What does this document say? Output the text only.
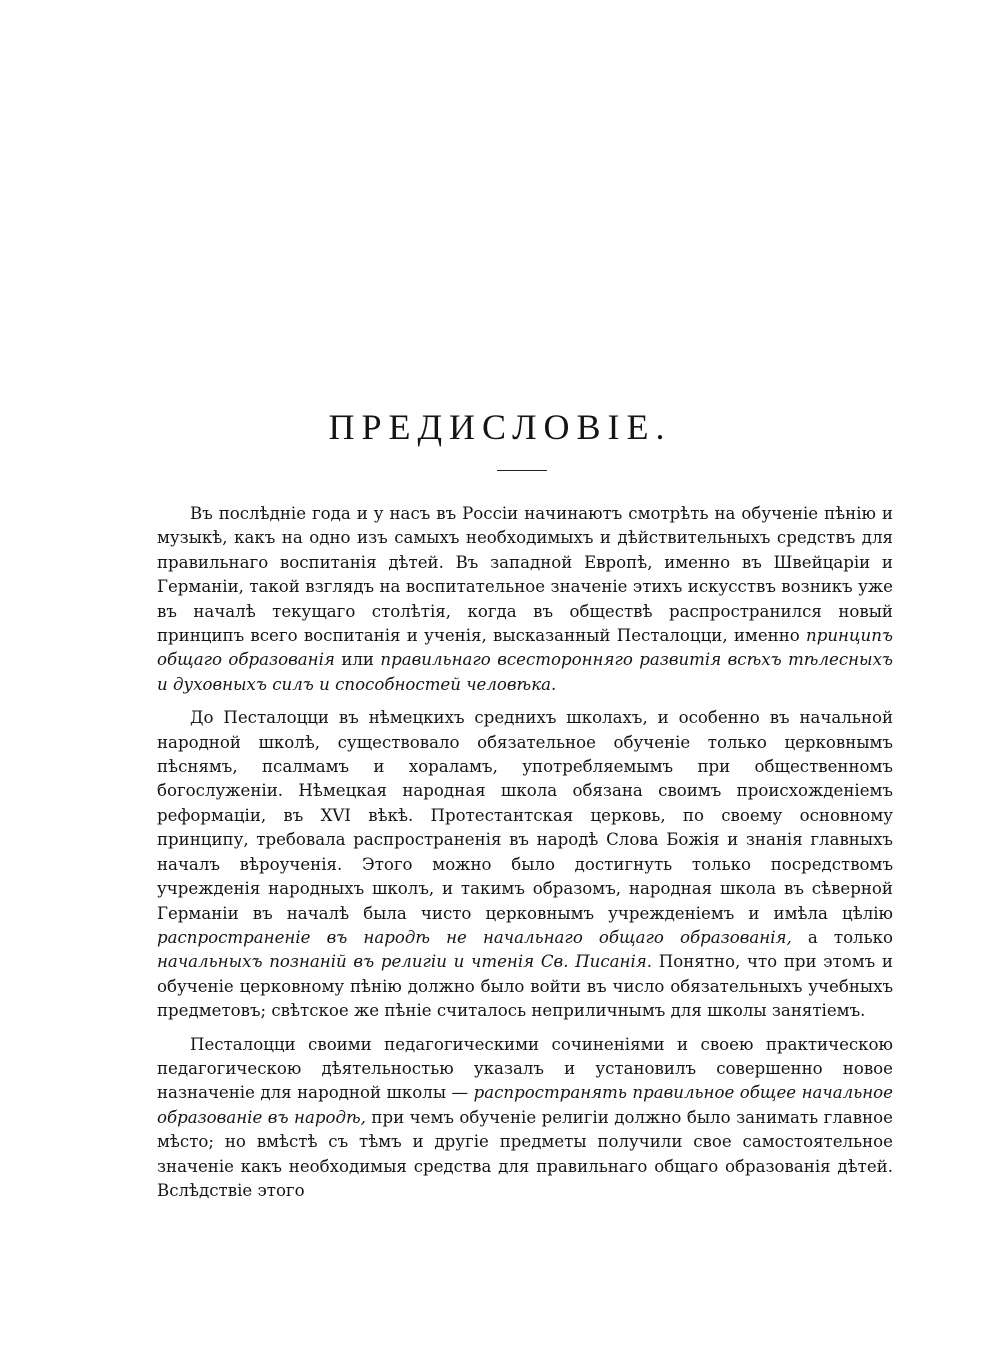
ПРЕДИСЛОВІЕ.

Въ послѣдніе года и у насъ въ Россіи начинаютъ смотрѣть на обученіе пѣнію и музыкѣ, какъ на одно изъ самыхъ необходимыхъ и дѣйствительныхъ средствъ для правильнаго воспитанія дѣтей. Въ западной Европѣ, именно въ Швейцаріи и Германіи, такой взглядъ на воспитательное значеніе этихъ искусствъ возникъ уже въ началѣ текущаго столѣтія, когда въ обществѣ распространился новый принципъ всего воспитанія и ученія, высказанный Песталоцци, именно принципъ общаго образованія или правильнаго всесторонняго развитія всѣхъ тѣлесныхъ и духовныхъ силъ и способностей человѣка.

До Песталоцци въ нѣмецкихъ среднихъ школахъ, и особенно въ начальной народной школѣ, существовало обязательное обученіе только церковнымъ пѣснямъ, псалмамъ и хораламъ, употребляемымъ при общественномъ богослуженіи. Нѣмецкая народная школа обязана своимъ происхожденіемъ реформаціи, въ XVI вѣкѣ. Протестантская церковь, по своему основному принципу, требовала распространенія въ народѣ Слова Божія и знанія главныхъ началъ вѣроученія. Этого можно было достигнуть только посредствомъ учрежденія народныхъ школъ, и такимъ образомъ, народная школа въ сѣверной Германіи въ началѣ была чисто церковнымъ учрежденіемъ и имѣла цѣлію распространеніе въ народѣ не начальнаго общаго образованія, а только начальныхъ познаній въ религіи и чтенія Св. Писанія. Понятно, что при этомъ и обученіе церковному пѣнію должно было войти въ число обязательныхъ учебныхъ предметовъ; свѣтское же пѣніе считалось неприличнымъ для школы занятіемъ.

Песталоцци своими педагогическими сочиненіями и своею практическою педагогическою дѣятельностью указалъ и установилъ совершенно новое назначеніе для народной школы — распространять правильное общее начальное образованіе въ народѣ, при чемъ обученіе религіи должно было занимать главное мѣсто; но вмѣстѣ съ тѣмъ и другіе предметы получили свое самостоятельное значеніе какъ необходимыя средства для правильнаго общаго образованія дѣтей. Вслѣдствіе этого
